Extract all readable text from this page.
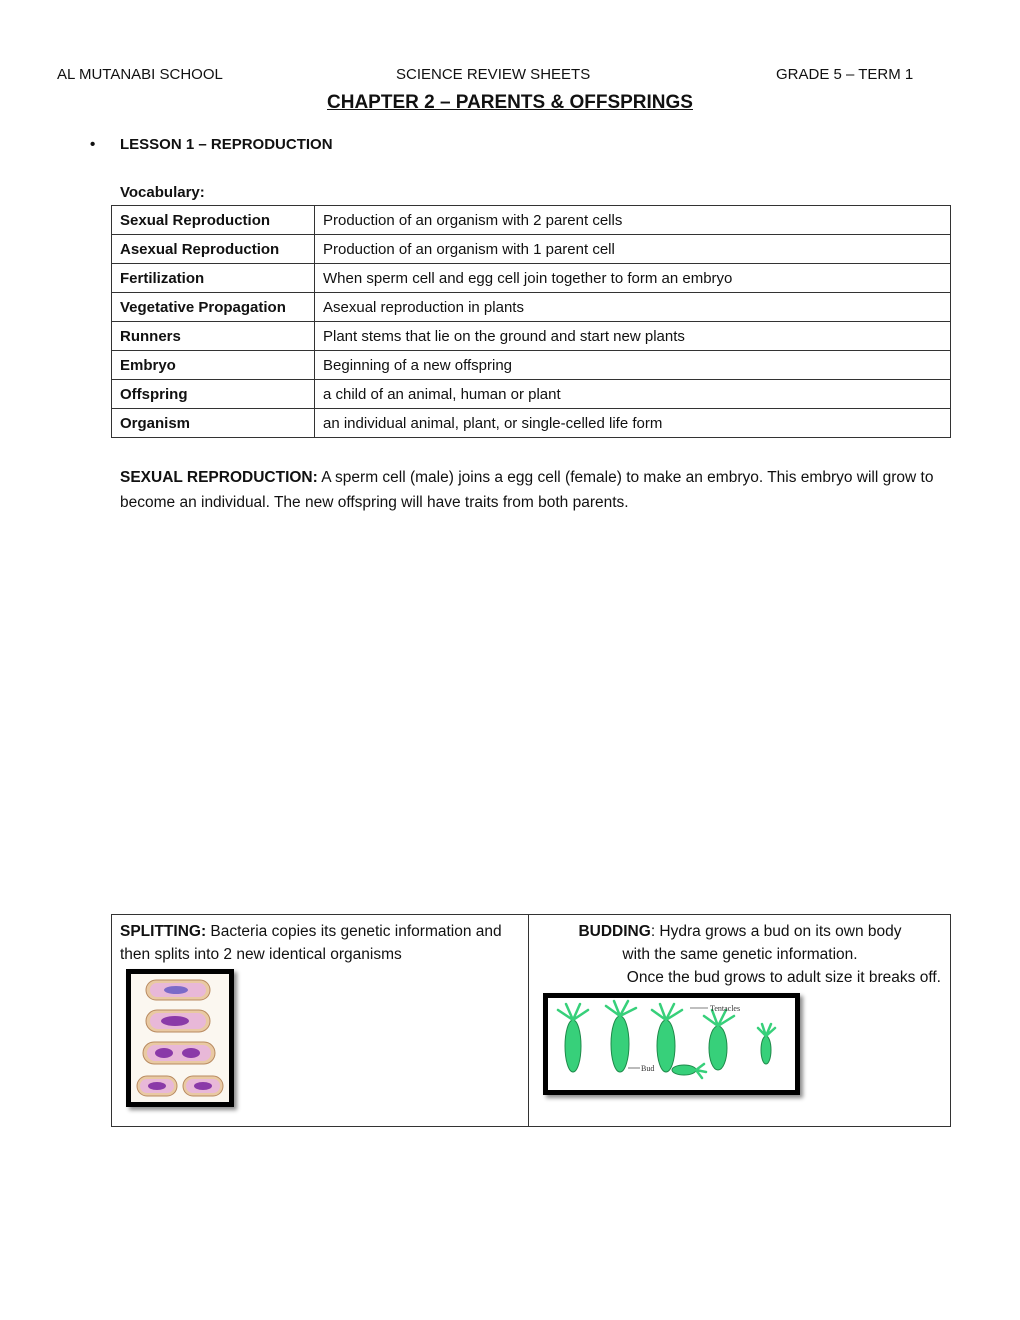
AL MUTANABI SCHOOL	SCIENCE REVIEW SHEETS	GRADE 5 – TERM 1
CHAPTER 2 – PARENTS & OFFSPRINGS
• LESSON 1 – REPRODUCTION
Vocabulary:
Sexual Reproduction	Production of an organism with 2 parent cells
Asexual Reproduction	Production of an organism with 1 parent cell
Fertilization	When sperm cell and egg cell join together to form an embryo
Vegetative Propagation	Asexual reproduction in plants
Runners	Plant stems that lie on the ground and start new plants
Embryo	Beginning of a new offspring
Offspring	a child of an animal, human or plant
Organism	an individual animal, plant, or single-celled life form
SEXUAL REPRODUCTION: A sperm cell (male) joins a egg cell (female) to make an embryo. This embryo will grow to become an individual. The new offspring will have traits from both parents.
SPLITTING: Bacteria copies its genetic information and then splits into 2 new identical organisms
BUDDING: Hydra grows a bud on its own body
with the same genetic information.
Once the bud grows to adult size it breaks off.
Tentacles
Bud
